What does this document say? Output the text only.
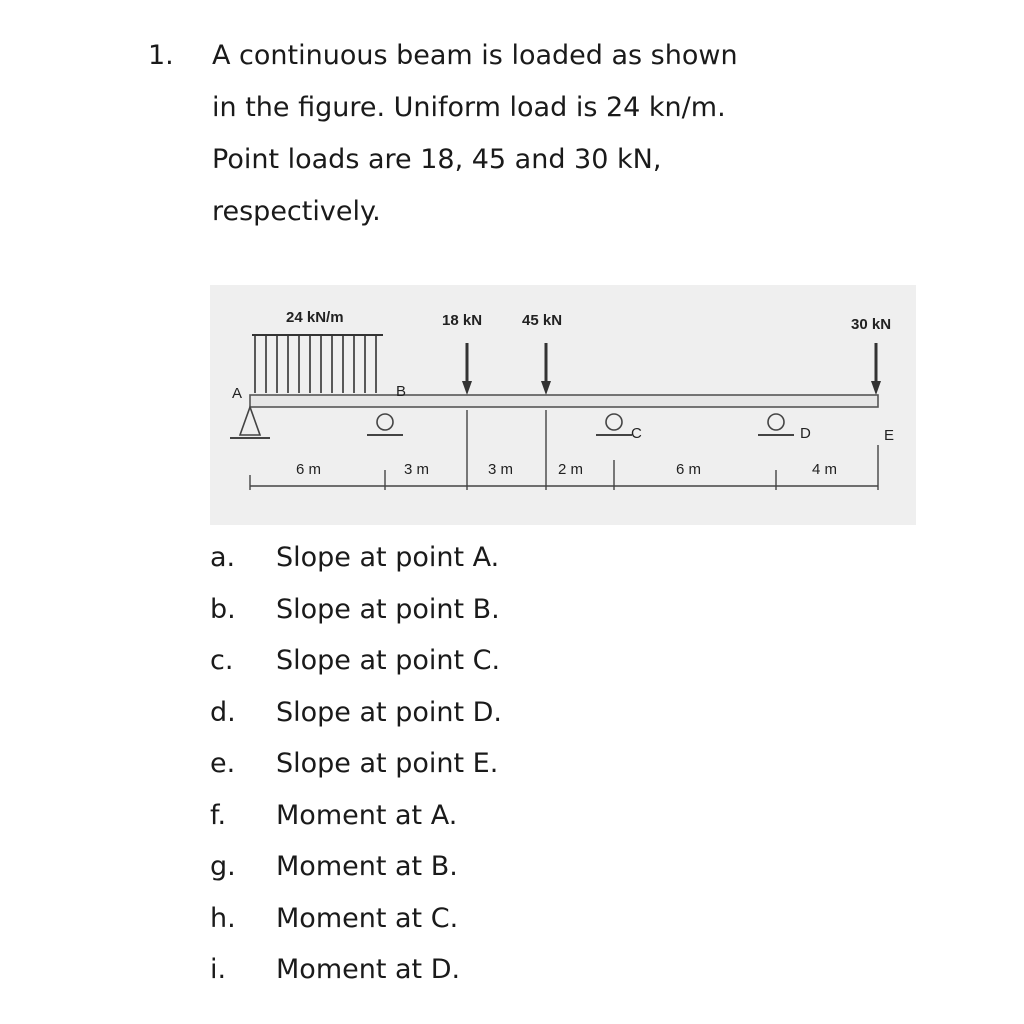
1. A continuous beam is loaded as shown
in the figure. Uniform load is 24 kn/m.
Point loads are 18, 45 and 30 kN,
respectively.
24 kN/m	18 kN	45 kN	30 kN
A	B
C	D	E
6 m	3 m	3 m	2 m	6 m	4 m
a. Slope at point A.
b. Slope at point B.
c. Slope at point C.
d. Slope at point D.
e. Slope at point E.
f. Moment at A.
g. Moment at B.
h. Moment at C.
i. Moment at D.
